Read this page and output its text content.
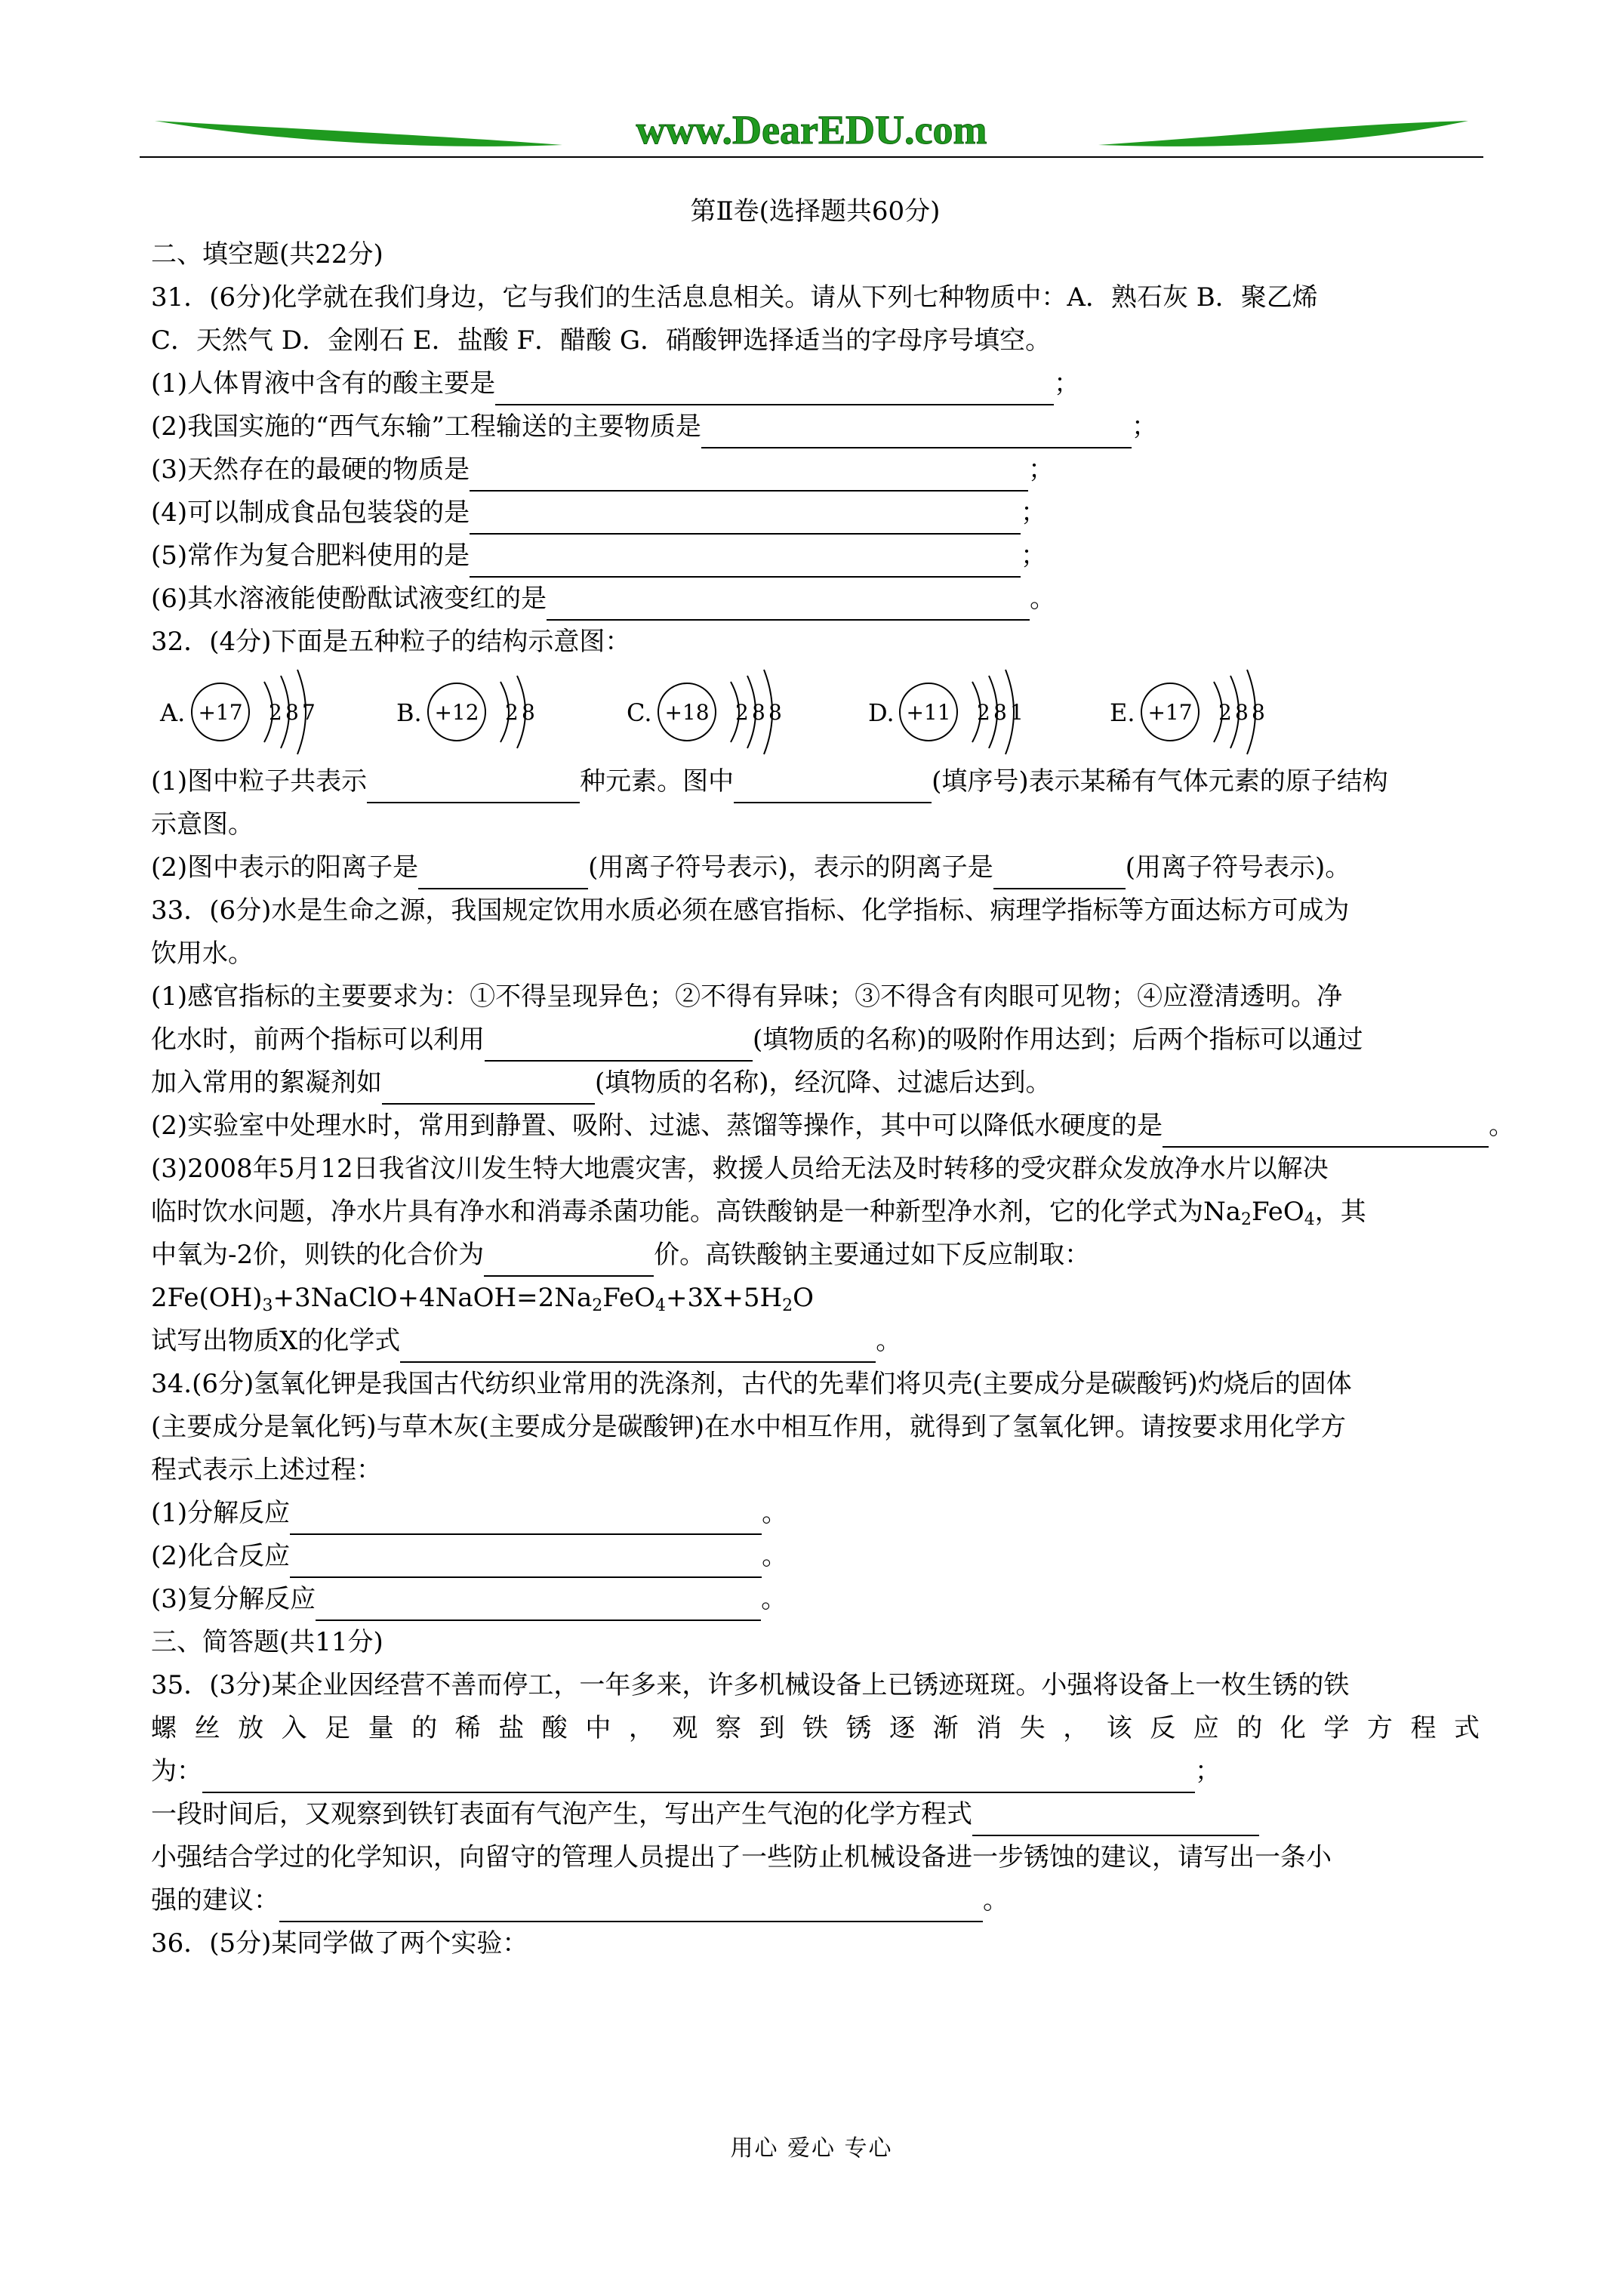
www.DearEDU.com
第Ⅱ卷(选择题共60分)
二、填空题(共22分)
31．(6分)化学就在我们身边，它与我们的生活息息相关。请从下列七种物质中：A．熟石灰 B．聚乙烯
C．天然气 D．金刚石 E．盐酸 F．醋酸 G．硝酸钾选择适当的字母序号填空。
(1)人体胃液中含有的酸主要是	；
(2)我国实施的“西气东输”工程输送的主要物质是	；
(3)天然存在的最硬的物质是	；
(4)可以制成食品包装袋的是	；
(5)常作为复合肥料使用的是	；
(6)其水溶液能使酚酞试液变红的是	。
32．(4分)下面是五种粒子的结构示意图：
A. +17 2 8 7	B. +12 2 8	C. +18 2 8 8	D. +11 2 8 1	E. +17 2 8 8
(1)图中粒子共表示	种元素。图中	(填序号)表示某稀有气体元素的原子结构
示意图。
(2)图中表示的阳离子是	(用离子符号表示)，表示的阴离子是	(用离子符号表示)。
33．(6分)水是生命之源，我国规定饮用水质必须在感官指标、化学指标、病理学指标等方面达标方可成为
饮用水。
(1)感官指标的主要要求为：①不得呈现异色；②不得有异味；③不得含有肉眼可见物；④应澄清透明。净
化水时，前两个指标可以利用	(填物质的名称)的吸附作用达到；后两个指标可以通过
加入常用的絮凝剂如	(填物质的名称)，经沉降、过滤后达到。
(2)实验室中处理水时，常用到静置、吸附、过滤、蒸馏等操作，其中可以降低水硬度的是	。
(3)2008年5月12日我省汶川发生特大地震灾害，救援人员给无法及时转移的受灾群众发放净水片以解决
临时饮水问题，净水片具有净水和消毒杀菌功能。高铁酸钠是一种新型净水剂，它的化学式为$Na_2FeO_4$，其
中氧为-2价，则铁的化合价为	价。高铁酸钠主要通过如下反应制取：
$2Fe(OH)_3+3NaClO+4NaOH=2Na_2FeO_4+3X+5H_2O$
试写出物质X的化学式	。
34.(6分)氢氧化钾是我国古代纺织业常用的洗涤剂，古代的先辈们将贝壳(主要成分是碳酸钙)灼烧后的固体
(主要成分是氧化钙)与草木灰(主要成分是碳酸钾)在水中相互作用，就得到了氢氧化钾。请按要求用化学方
程式表示上述过程：
(1)分解反应	。
(2)化合反应	。
(3)复分解反应	。
三、简答题(共11分)
35．(3分)某企业因经营不善而停工，一年多来，许多机械设备上已锈迹斑斑。小强将设备上一枚生锈的铁
螺丝放入足量的稀盐酸中，观察到铁锈逐渐消失，该反应的化学方程式
为：	；
一段时间后，又观察到铁钉表面有气泡产生，写出产生气泡的化学方程式
小强结合学过的化学知识，向留守的管理人员提出了一些防止机械设备进一步锈蚀的建议，请写出一条小
强的建议：	。
36．(5分)某同学做了两个实验：
用心 爱心 专心
